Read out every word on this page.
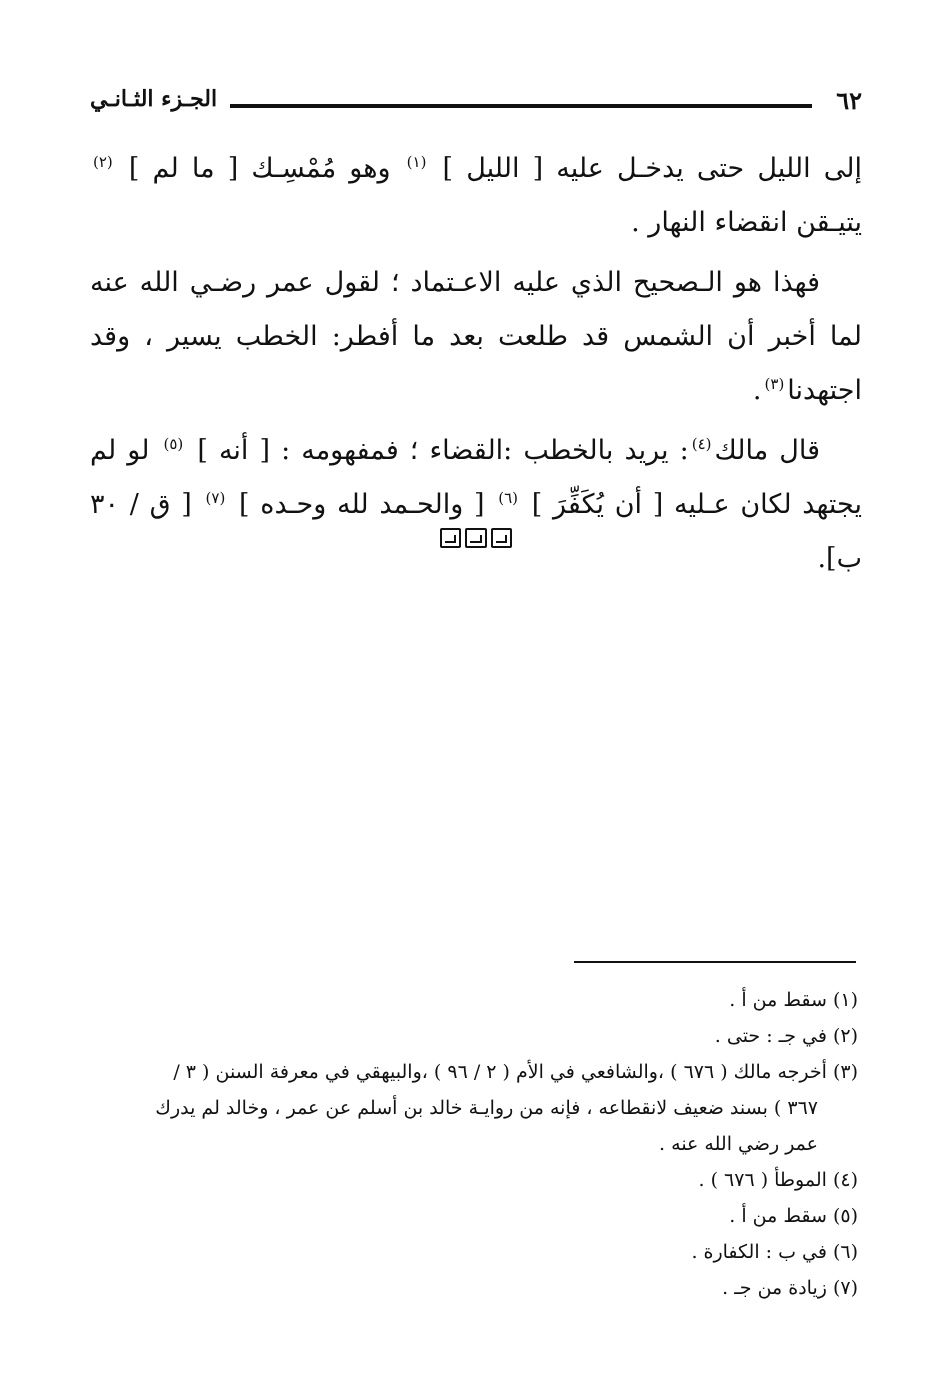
٦٢
الجـزء الثـانـي

إلى الليل حتى يدخـل عليه [ الليل ] $^{(١)}$ وهو مُمْسِـك [ ما لم ] $^{(٢)}$ يتيـقن انقضاء النهار .

فهذا هو الـصحيح الذي عليه الاعـتماد ؛ لقول عمر رضـي الله عنه لما أخبر أن الشمس قد طلعت بعد ما أفطر: الخطب يسير ، وقد اجتهدنا$^{(٣)}$.

قال مالك$^{(٤)}$: يريد بالخطب :القضاء ؛ فمفهومه : [ أنه ] $^{(٥)}$ لو لم يجتهد لكان عـليه [ أن يُكَفِّرَ ] $^{(٦)}$ [ والحـمد لله وحـده ] $^{(٧)}$ [ ق / ٣٠ ب].

(١)سقط من أ .

(٢)في جـ : حتى .

(٣)أخرجه مالك ( ٦٧٦ ) ،والشافعي في الأم ( ٢ / ٩٦ ) ،والبيهقي في معرفة السنن ( ٣ /

٣٦٧ ) بسند ضعيف لانقطاعه ، فإنه من روايـة خالد بن أسلم عن عمر ، وخالد لم يدرك

عمر رضي الله عنه .

(٤)الموطأ ( ٦٧٦ ) .

(٥)سقط من أ .

(٦)في ب : الكفارة .

(٧)زيادة من جـ .
